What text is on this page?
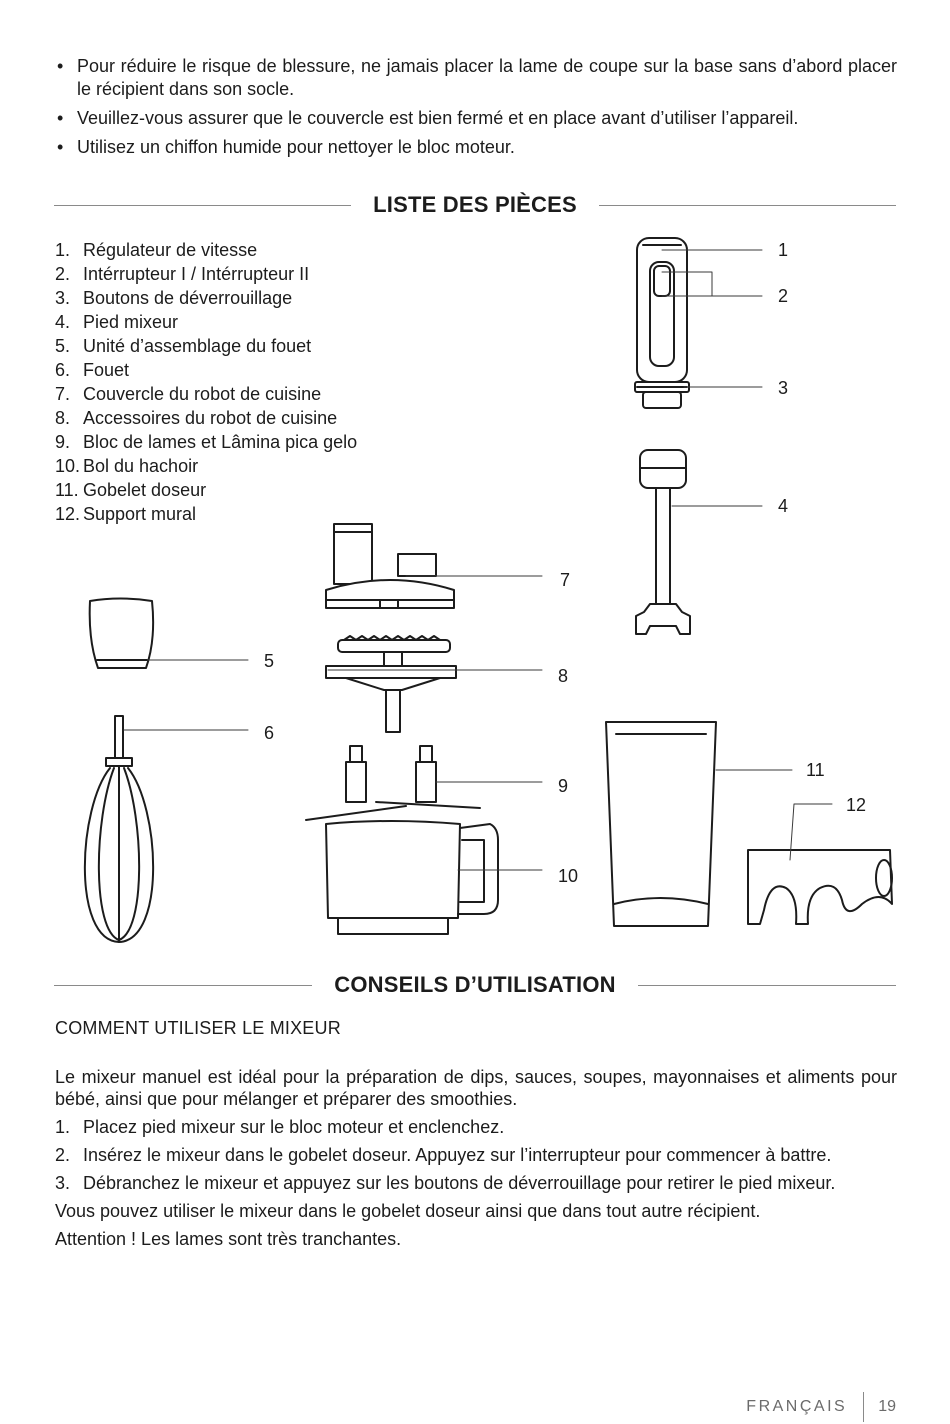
• Pour réduire le risque de blessure, ne jamais placer la lame de coupe sur la base sans d’abord placer le récipient dans son socle.
• Veuillez-vous assurer que le couvercle est bien fermé et en place avant d’utiliser l’appareil.
• Utilisez un chiffon humide pour nettoyer le bloc moteur.
LISTE DES PIÈCES
1. Régulateur de vitesse
2. Intérrupteur I / Intérrupteur II
3. Boutons de déverrouillage
4. Pied mixeur
5. Unité d’assemblage du fouet
6. Fouet
7. Couvercle du robot de cuisine
8. Accessoires du robot de cuisine
9. Bloc de lames et Lâmina pica gelo
10. Bol du hachoir
11. Gobelet doseur
12. Support mural
1
2
3
4
5
6
7
8
9
10
11
12
CONSEILS D’UTILISATION
COMMENT UTILISER LE MIXEUR

Le mixeur manuel est idéal pour la préparation de dips, sauces, soupes, mayonnaises et aliments pour bébé, ainsi que pour mélanger et préparer des smoothies.

1. Placez pied mixeur sur le bloc moteur et enclenchez.
2. Insérez le mixeur dans le gobelet doseur. Appuyez sur l’interrupteur pour commencer à battre.
3. Débranchez le mixeur et appuyez sur les boutons de déverrouillage pour retirer le pied mixeur.

Vous pouvez utiliser le mixeur dans le gobelet doseur ainsi que dans tout autre récipient.

Attention ! Les lames sont très tranchantes.

FRANÇAIS 19
